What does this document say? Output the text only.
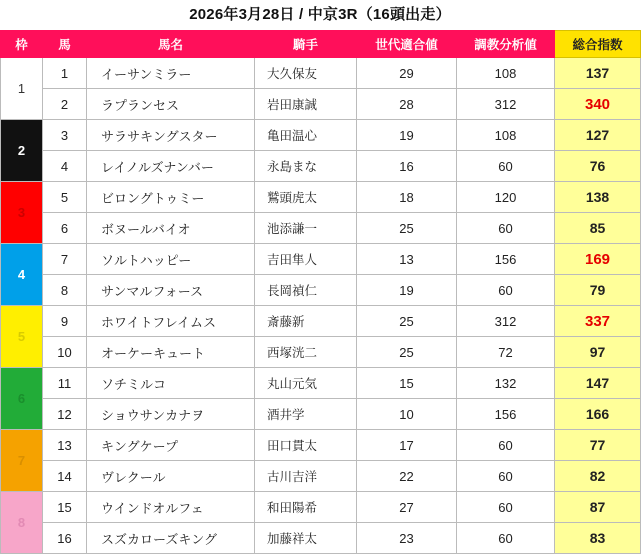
2026年3月28日 / 中京3R（16頭出走）
枠	馬	馬名	騎手	世代適合値	調教分析値	総合指数
1	1	イーサンミラー	大久保友	29	108	137
	2	ラプランセス	岩田康誠	28	312	340
2	3	サラサキングスター	亀田温心	19	108	127
	4	レイノルズナンバー	永島まな	16	60	76
3	5	ビロングトゥミー	鷲頭虎太	18	120	138
	6	ボヌールバイオ	池添謙一	25	60	85
4	7	ソルトハッピー	吉田隼人	13	156	169
	8	サンマルフォース	長岡禎仁	19	60	79
5	9	ホワイトフレイムス	斎藤新	25	312	337
	10	オーケーキュート	西塚洸二	25	72	97
6	11	ソチミルコ	丸山元気	15	132	147
	12	ショウサンカナヲ	酒井学	10	156	166
7	13	キングケープ	田口貫太	17	60	77
	14	ヴレクール	古川吉洋	22	60	82
8	15	ウインドオルフェ	和田陽希	27	60	87
	16	スズカローズキング	加藤祥太	23	60	83
